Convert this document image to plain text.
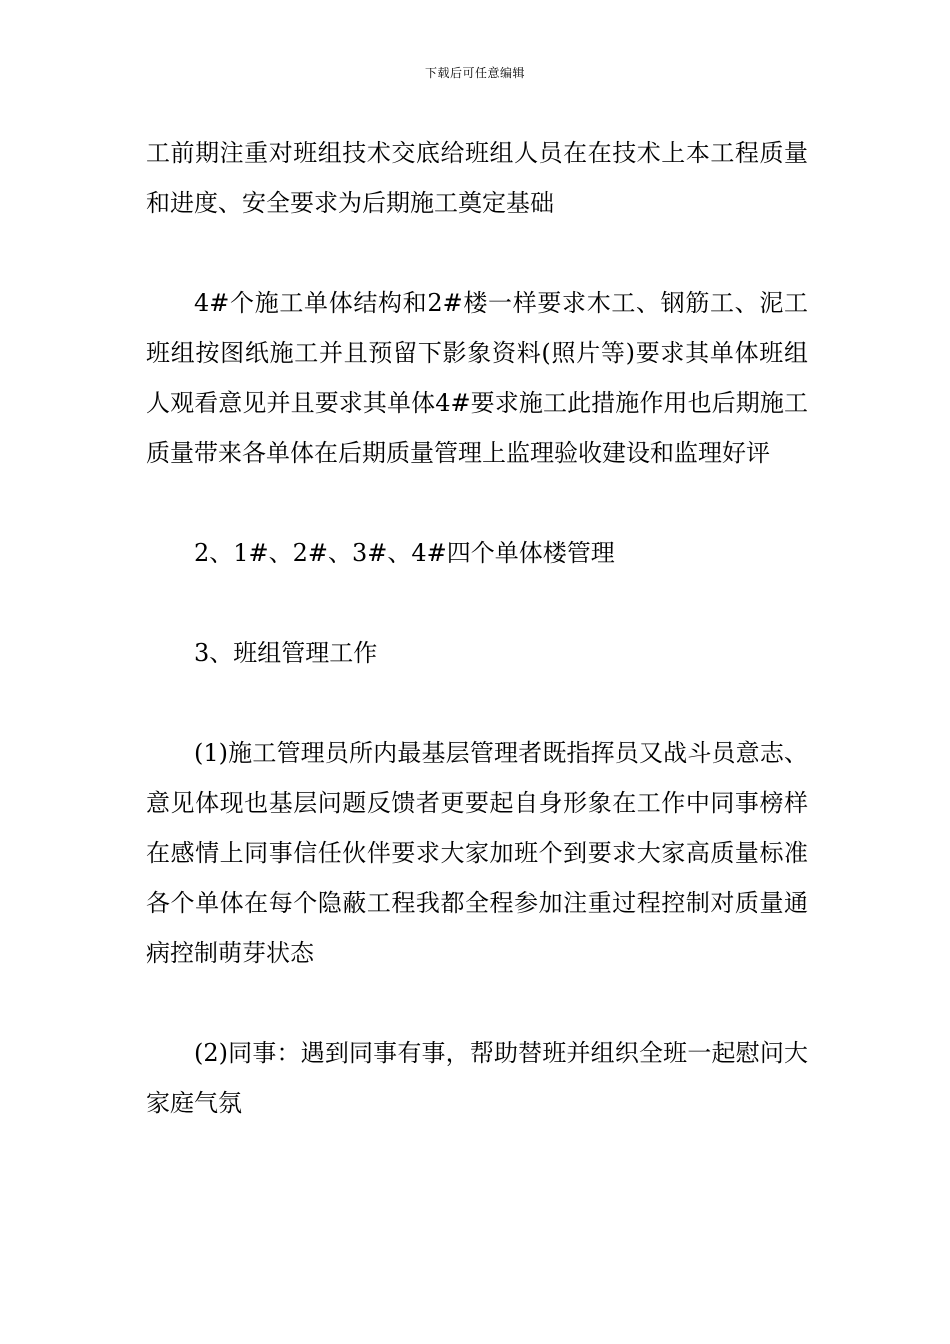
下载后可任意编辑

工前期注重对班组技术交底给班组人员在在技术上本工程质量和进度、安全要求为后期施工奠定基础

4#个施工单体结构和2#楼一样要求木工、钢筋工、泥工班组按图纸施工并且预留下影象资料(照片等)要求其单体班组人观看意见并且要求其单体4#要求施工此措施作用也后期施工质量带来各单体在后期质量管理上监理验收建设和监理好评

2、1#、2#、3#、4#四个单体楼管理

3、班组管理工作

(1)施工管理员所内最基层管理者既指挥员又战斗员意志、意见体现也基层问题反馈者更要起自身形象在工作中同事榜样在感情上同事信任伙伴要求大家加班个到要求大家高质量标准各个单体在每个隐蔽工程我都全程参加注重过程控制对质量通病控制萌芽状态

(2)同事：遇到同事有事，帮助替班并组织全班一起慰问大家庭气氛
